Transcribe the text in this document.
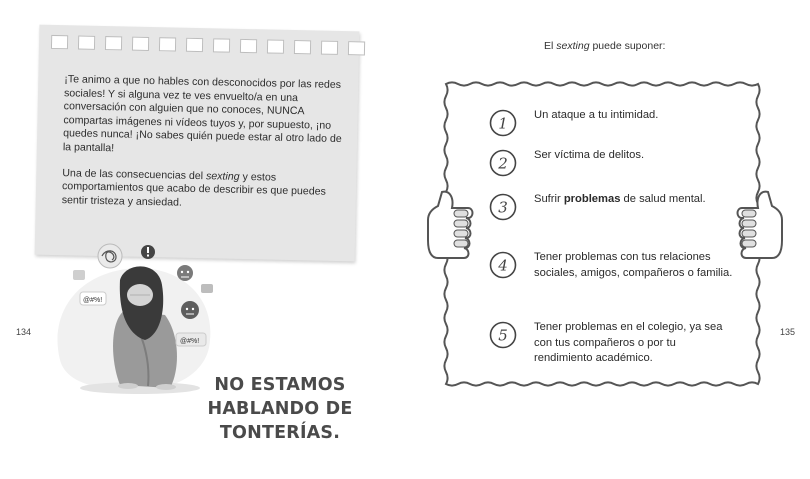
134	135

¡Te animo a que no hables con desconocidos por las redes sociales! Y si alguna vez te ves envuelto/a en una conversación con alguien que no conoces, NUNCA compartas imágenes ni vídeos tuyos y, por supuesto, ¡no quedes nunca! ¡No sabes quién puede estar al otro lado de la pantalla!

Una de las consecuencias del sexting y estos comportamientos que acabo de describir es que puedes sentir tristeza y ansiedad.

@#%!
@#%!
NO ESTAMOS
HABLANDO DE
TONTERÍAS.
El sexting puede suponer:
1 Un ataque a tu intimidad.
2 Ser víctima de delitos.
3 Sufrir problemas de salud mental.
4 Tener problemas con tus relaciones sociales, amigos, compañeros o familia.
5 Tener problemas en el colegio, ya sea con tus compañeros o por tu rendimiento académico.
